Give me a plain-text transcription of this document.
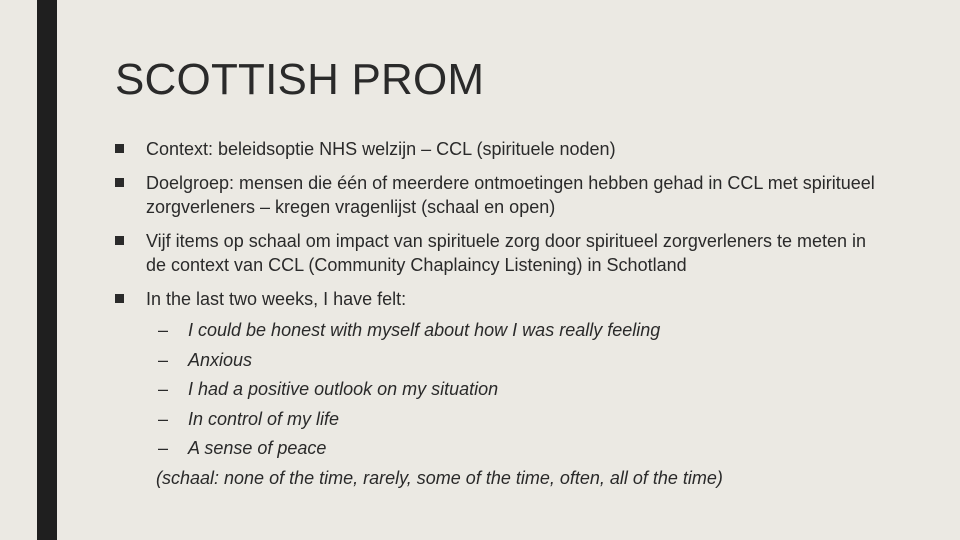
SCOTTISH PROM
Context: beleidsoptie NHS welzijn – CCL (spirituele noden)
Doelgroep: mensen die één of meerdere ontmoetingen hebben gehad in CCL met spiritueel zorgverleners – kregen vragenlijst (schaal en open)
Vijf items op schaal om impact van spirituele zorg door spiritueel zorgverleners te meten in de context van CCL (Community Chaplaincy Listening) in Schotland
In the last two weeks, I have felt:
– I could be honest with myself about how I was really feeling
– Anxious
– I had a positive outlook on my situation
– In control of my life
– A sense of peace
(schaal: none of the time, rarely, some of the time, often, all of the time)
